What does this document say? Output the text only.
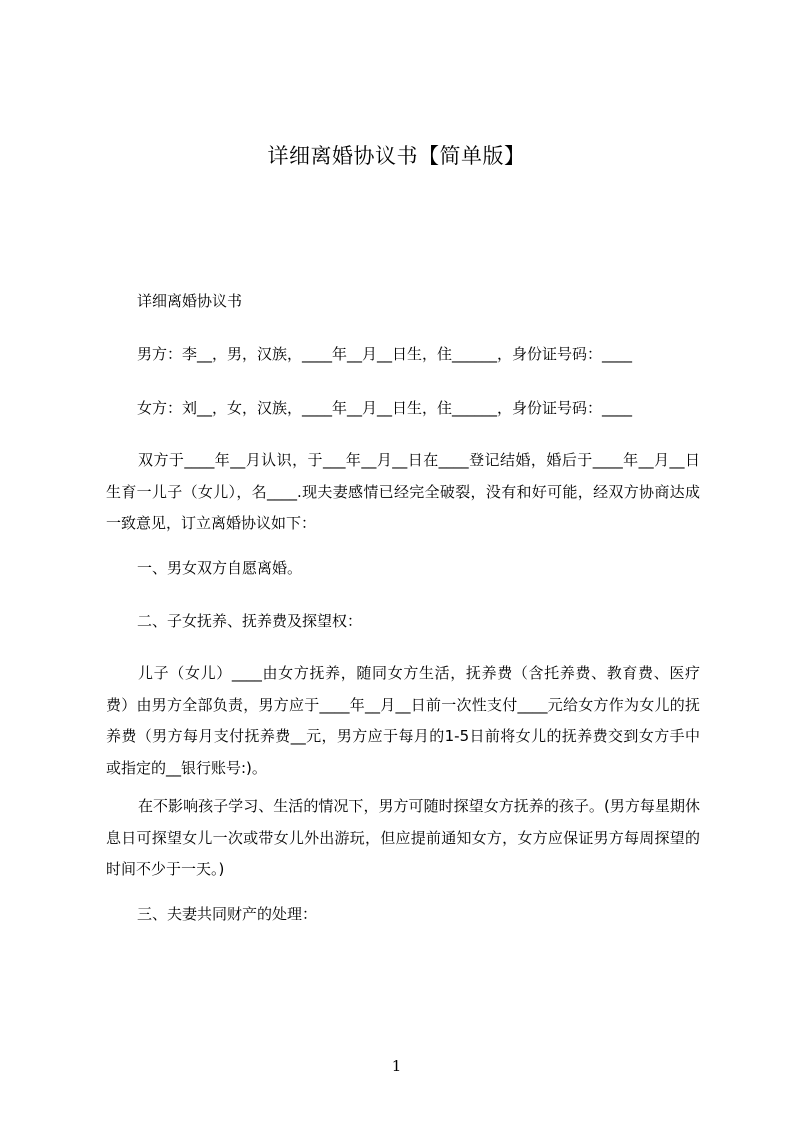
详细离婚协议书【简单版】
详细离婚协议书
男方：李__，男，汉族，____年__月__日生，住______，身份证号码：____
女方：刘__，女，汉族，____年__月__日生，住______，身份证号码：____
双方于____年__月认识，于___年__月__日在____登记结婚，婚后于____年__月__日生育一儿子（女儿），名____.现夫妻感情已经完全破裂，没有和好可能，经双方协商达成一致意见，订立离婚协议如下：
一、男女双方自愿离婚。
二、子女抚养、抚养费及探望权：
儿子（女儿）____由女方抚养，随同女方生活，抚养费（含托养费、教育费、医疗费）由男方全部负责，男方应于____年__月__日前一次性支付____元给女方作为女儿的抚养费（男方每月支付抚养费__元，男方应于每月的1-5日前将女儿的抚养费交到女方手中或指定的__银行账号:)。
在不影响孩子学习、生活的情况下，男方可随时探望女方抚养的孩子。(男方每星期休息日可探望女儿一次或带女儿外出游玩，但应提前通知女方，女方应保证男方每周探望的时间不少于一天。)
三、夫妻共同财产的处理：
1
